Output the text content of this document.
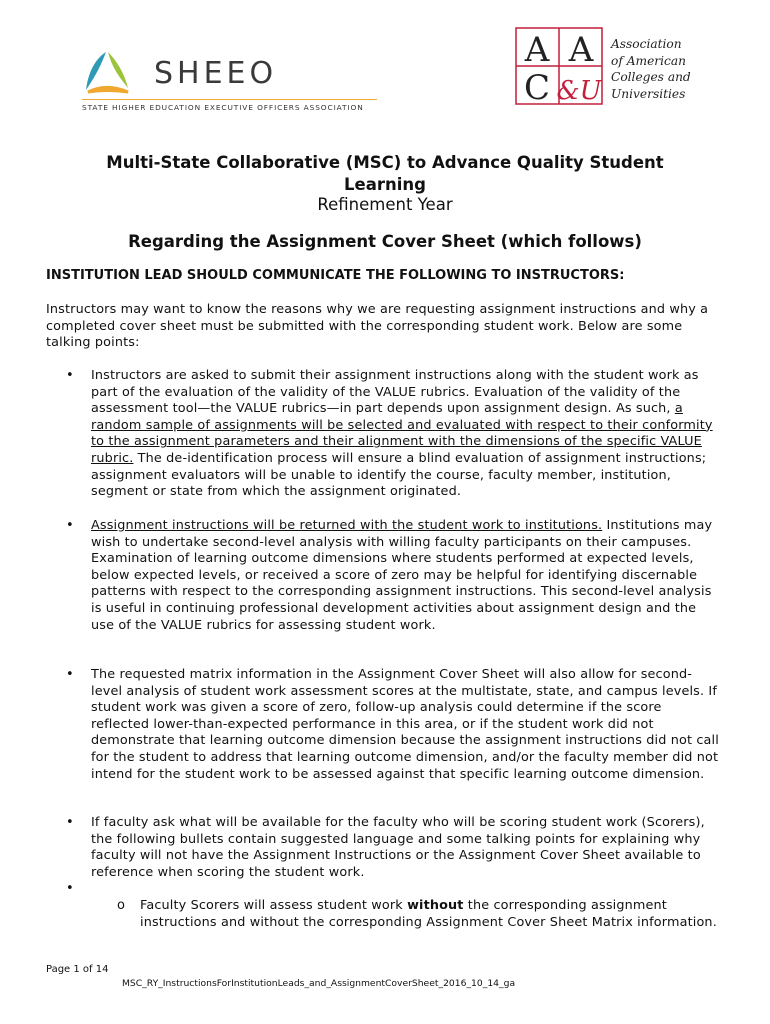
SHEEO
STATE HIGHER EDUCATION EXECUTIVE OFFICERS ASSOCIATION
A A
C &U
Association
of American
Colleges and
Universities
Multi-State Collaborative (MSC) to Advance Quality Student
Learning
Refinement Year
Regarding the Assignment Cover Sheet (which follows)
INSTITUTION LEAD SHOULD COMMUNICATE THE FOLLOWING TO INSTRUCTORS:
Instructors may want to know the reasons why we are requesting assignment instructions and why a completed cover sheet must be submitted with the corresponding student work. Below are some talking points:
• Instructors are asked to submit their assignment instructions along with the student work as part of the evaluation of the validity of the VALUE rubrics. Evaluation of the validity of the assessment tool—the VALUE rubrics—in part depends upon assignment design. As such, a random sample of assignments will be selected and evaluated with respect to their conformity to the assignment parameters and their alignment with the dimensions of the specific VALUE rubric. The de-identification process will ensure a blind evaluation of assignment instructions; assignment evaluators will be unable to identify the course, faculty member, institution, segment or state from which the assignment originated.
• Assignment instructions will be returned with the student work to institutions. Institutions may wish to undertake second-level analysis with willing faculty participants on their campuses. Examination of learning outcome dimensions where students performed at expected levels, below expected levels, or received a score of zero may be helpful for identifying discernable patterns with respect to the corresponding assignment instructions. This second-level analysis is useful in continuing professional development activities about assignment design and the use of the VALUE rubrics for assessing student work.
• The requested matrix information in the Assignment Cover Sheet will also allow for second-level analysis of student work assessment scores at the multistate, state, and campus levels. If student work was given a score of zero, follow-up analysis could determine if the score reflected lower-than-expected performance in this area, or if the student work did not demonstrate that learning outcome dimension because the assignment instructions did not call for the student to address that learning outcome dimension, and/or the faculty member did not intend for the student work to be assessed against that specific learning outcome dimension.
• If faculty ask what will be available for the faculty who will be scoring student work (Scorers), the following bullets contain suggested language and some talking points for explaining why faculty will not have the Assignment Instructions or the Assignment Cover Sheet available to reference when scoring the student work.
•
o Faculty Scorers will assess student work without the corresponding assignment instructions and without the corresponding Assignment Cover Sheet Matrix information.
Page 1 of 14
MSC_RY_InstructionsForInstitutionLeads_and_AssignmentCoverSheet_2016_10_14_ga
